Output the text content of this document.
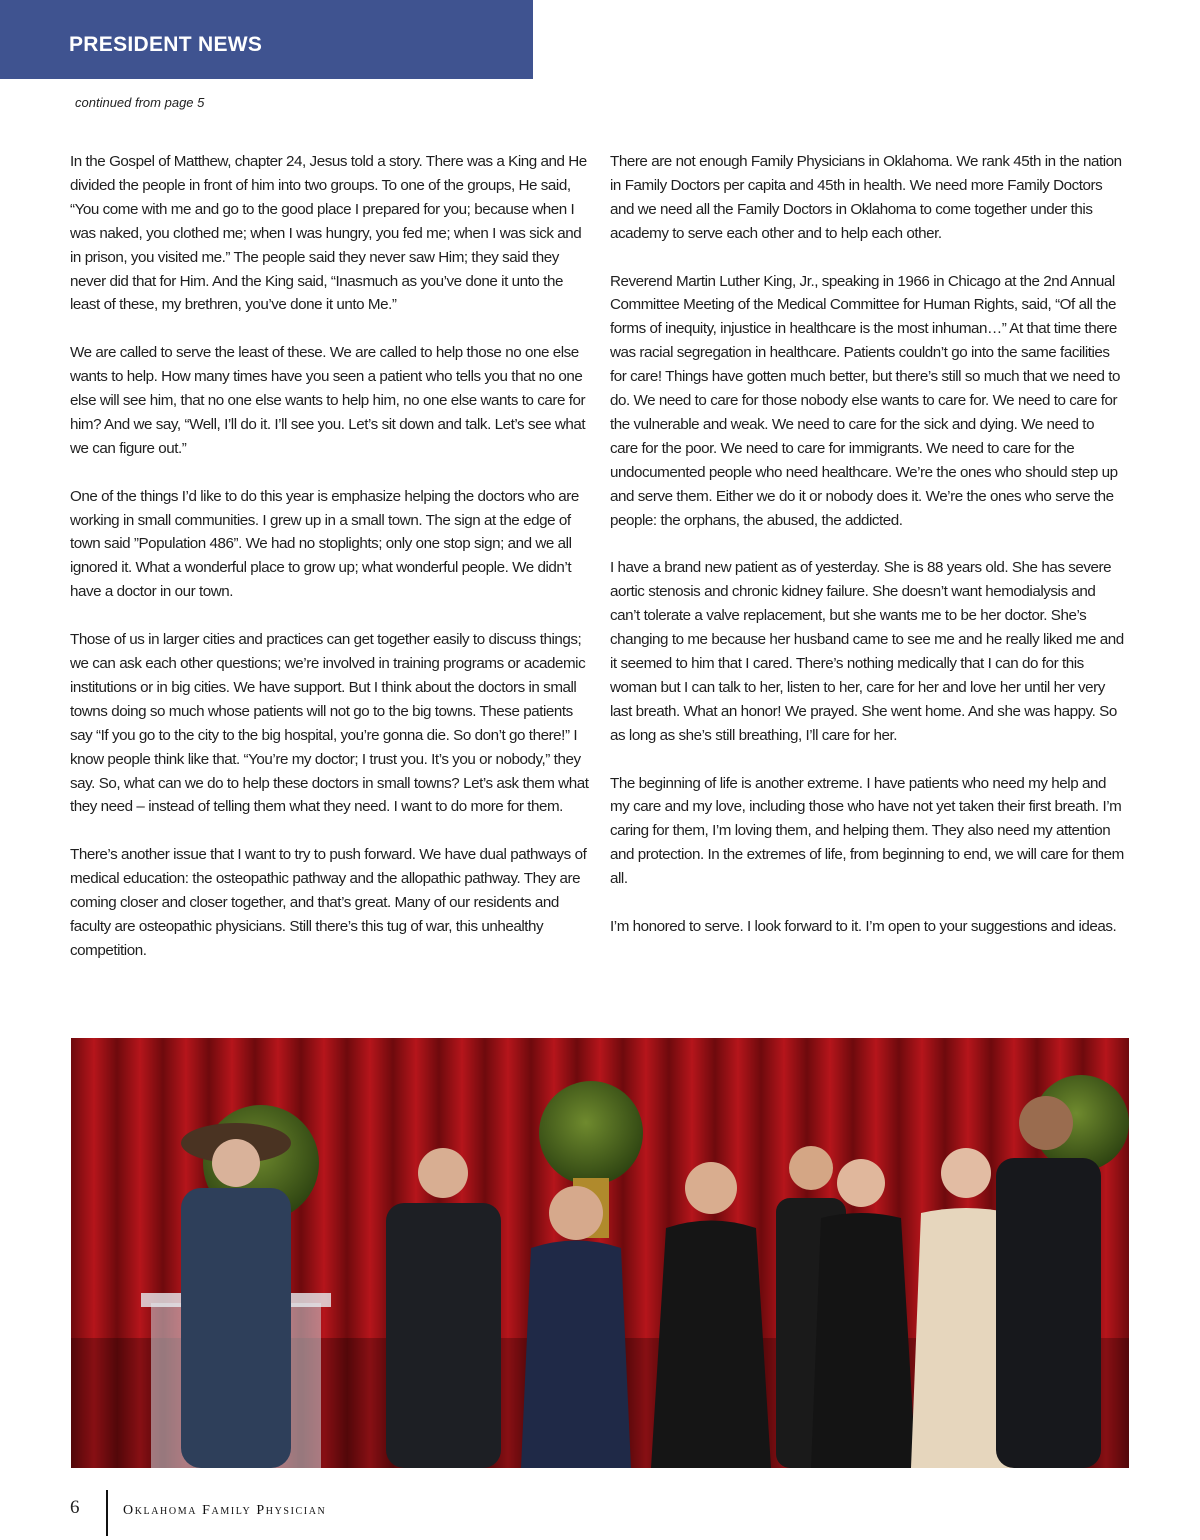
PRESIDENT NEWS
continued from page 5

In the Gospel of Matthew, chapter 24, Jesus told a story. There was a King and He divided the people in front of him into two groups. To one of the groups, He said, “You come with me and go to the good place I prepared for you; because when I was naked, you clothed me; when I was hungry, you fed me; when I was sick and in prison, you visited me.” The people said they never saw Him; they said they never did that for Him. And the King said, “Inasmuch as you’ve done it unto the least of these, my brethren, you’ve done it unto Me.”

We are called to serve the least of these. We are called to help those no one else wants to help. How many times have you seen a patient who tells you that no one else will see him, that no one else wants to help him, no one else wants to care for him? And we say, “Well, I’ll do it. I’ll see you. Let’s sit down and talk. Let’s see what we can figure out.”

One of the things I’d like to do this year is emphasize helping the doctors who are working in small communities. I grew up in a small town. The sign at the edge of town said ”Population 486”. We had no stoplights; only one stop sign; and we all ignored it. What a wonderful place to grow up; what wonderful people. We didn’t have a doctor in our town.

Those of us in larger cities and practices can get together easily to discuss things; we can ask each other questions; we’re involved in training programs or academic institutions or in big cities. We have support. But I think about the doctors in small towns doing so much whose patients will not go to the big towns. These patients say “If you go to the city to the big hospital, you’re gonna die. So don’t go there!” I know people think like that. “You’re my doctor; I trust you. It’s you or nobody,” they say. So, what can we do to help these doctors in small towns? Let’s ask them what they need – instead of telling them what they need. I want to do more for them.

There’s another issue that I want to try to push forward. We have dual pathways of medical education: the osteopathic pathway and the allopathic pathway. They are coming closer and closer together, and that’s great. Many of our residents and faculty are osteopathic physicians. Still there’s this tug of war, this unhealthy competition.

There are not enough Family Physicians in Oklahoma. We rank 45th in the nation in Family Doctors per capita and 45th in health. We need more Family Doctors and we need all the Family Doctors in Oklahoma to come together under this academy to serve each other and to help each other.

Reverend Martin Luther King, Jr., speaking in 1966 in Chicago at the 2nd Annual Committee Meeting of the Medical Committee for Human Rights, said, “Of all the forms of inequity, injustice in healthcare is the most inhuman…” At that time there was racial segregation in healthcare. Patients couldn’t go into the same facilities for care! Things have gotten much better, but there’s still so much that we need to do. We need to care for those nobody else wants to care for. We need to care for the vulnerable and weak. We need to care for the sick and dying. We need to care for the poor. We need to care for immigrants. We need to care for the undocumented people who need healthcare. We’re the ones who should step up and serve them. Either we do it or nobody does it. We’re the ones who serve the people: the orphans, the abused, the addicted.

I have a brand new patient as of yesterday. She is 88 years old. She has severe aortic stenosis and chronic kidney failure. She doesn’t want hemodialysis and can’t tolerate a valve replacement, but she wants me to be her doctor. She’s changing to me because her husband came to see me and he really liked me and it seemed to him that I cared. There’s nothing medically that I can do for this woman but I can talk to her, listen to her, care for her and love her until her very last breath. What an honor! We prayed. She went home. And she was happy. So as long as she’s still breathing, I’ll care for her.

The beginning of life is another extreme. I have patients who need my help and my care and my love, including those who have not yet taken their first breath. I’m caring for them, I’m loving them, and helping them. They also need my attention and protection. In the extremes of life, from beginning to end, we will care for them all.

I’m honored to serve. I look forward to it. I’m open to your suggestions and ideas.

6	Oklahoma Family Physician
